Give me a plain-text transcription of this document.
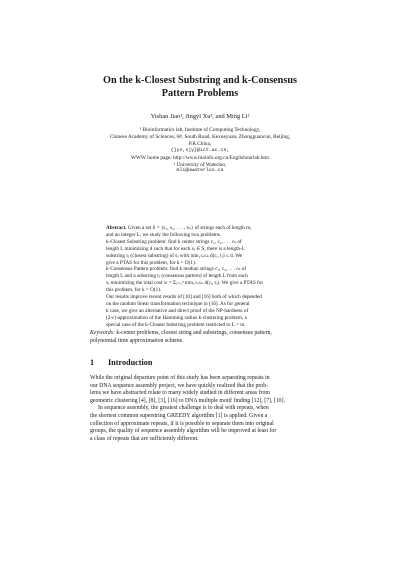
On the k-Closest Substring and k-Consensus
Pattern Problems
Yishan Jiao¹, Jingyi Xu¹, and Ming Li²
¹ Bioinformatics lab, Institute of Computing Technology,
Chinese Academy of Sciences, 6#, South Road, Kexueyuan, Zhongguancun, Beijing,
P.R.China,
{jys,xjy}@ict.ac.cn,
WWW home page: http://www.bioinfo.org.cn/Englishourlab.htm
² University of Waterloo,
mli@uwaterloo.ca
Abstract. Given a set S = {s₁, s₂, . . . , sₙ} of strings each of length m,
and an integer L, we study the following two problems.
k-Closest Substring problem: find k center strings c₁, c₂, . . . cₖ of
length L minimizing d such that for each sⱼ ∈ S, there is a length-L
substring tⱼ (closest substring) of sⱼ with min₁≤ᵢ≤ₖ d(cᵢ, tⱼ) ≤ d. We
give a PTAS for this problem, for k = O(1).
k-Consensus Pattern problem: find k median strings c₁, c₂, . . . cₖ of
length L and a substring tⱼ (consensus pattern) of length L from each
sⱼ minimizing the total cost w = Σⱼ₌₁ⁿ min₁≤ᵢ≤ₖ d(cᵢ, tⱼ). We give a PTAS for
this problem, for k = O(1).
Our results improve recent results of [10] and [16] both of which depended
on the random linear transformation technique in [16]. As for general
k case, we give an alternative and direct proof of the NP-hardness of
(2-ε)-approximation of the Hamming radius k-clustering problem, a
special case of the k-Closest Substring problem restricted to L = m.
Keywords: k-center problems, closest string and substrings, consensus pattern,
polynomial time approximation scheme.
1 Introduction
While the original departure point of this study has been separating repeats in
our DNA sequence assembly project, we have quickly realized that the prob-
lems we have abstracted relate to many widely studied in different areas from
geometric clustering [4], [8], [3], [16] to DNA multiple motif finding [12], [7], [10].
In sequence assembly, the greatest challenge is to deal with repeats, when
the shortest common superstring GREEDY algorithm [1] is applied. Given a
collection of approximate repeats, if it is possible to separate them into original
groups, the quality of sequence assembly algorithm will be improved at least for
a class of repeats that are sufficiently different.
